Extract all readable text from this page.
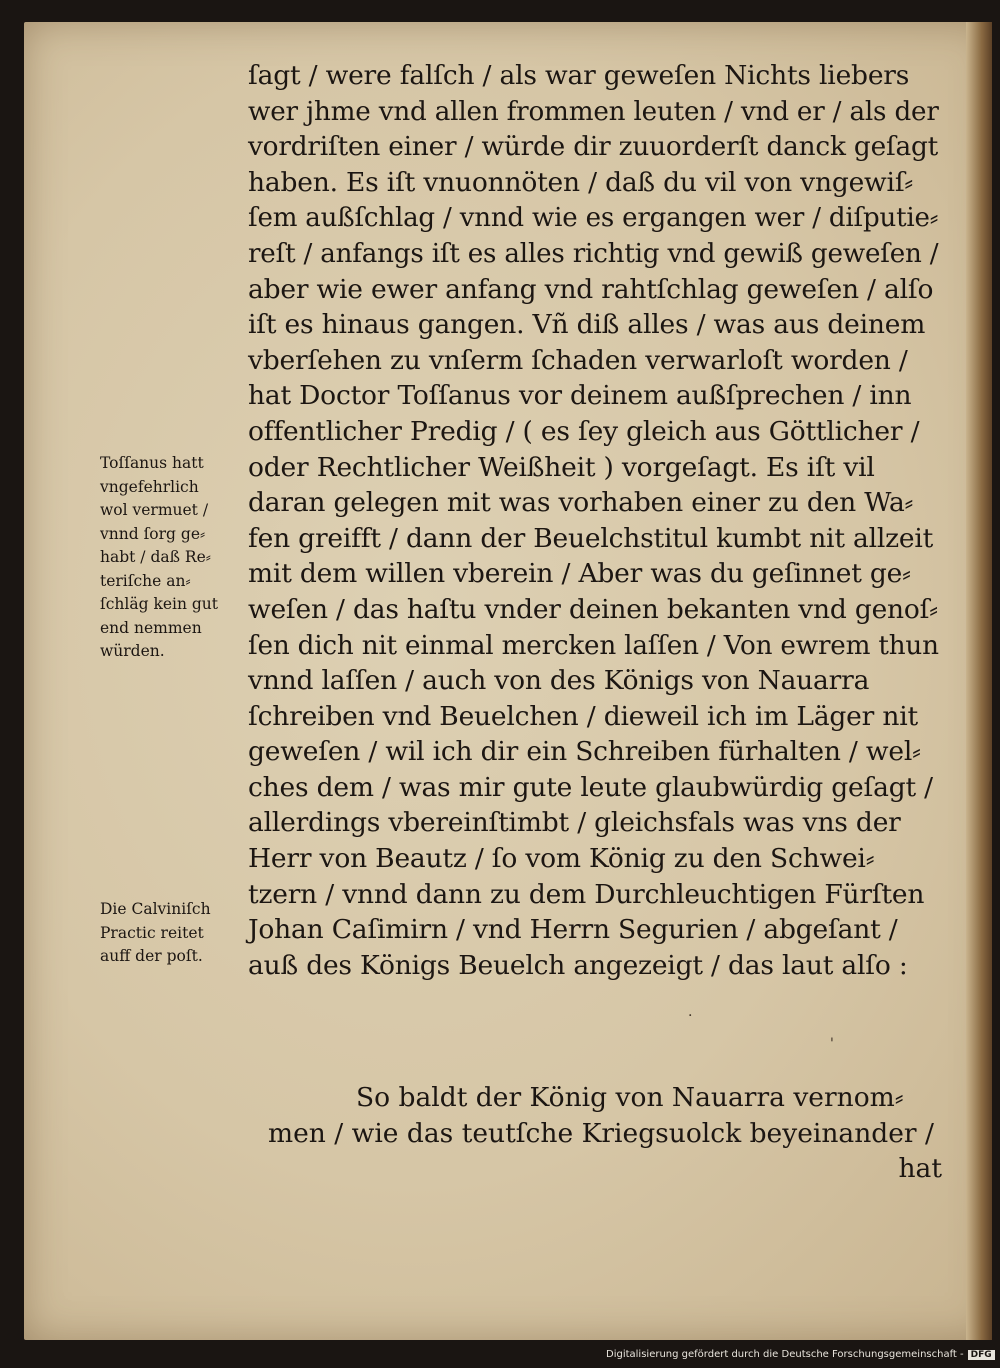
ſagt / were falſch / als war geweſen Nichts liebers
wer jhme vnd allen frommen leuten / vnd er / als der
vordriſten einer / würde dir zuuorderſt danck geſagt
haben. Es iſt vnuonnöten / daß du vil von vngewiſ⸗
ſem außſchlag / vnnd wie es ergangen wer / diſputie⸗
reſt / anfangs iſt es alles richtig vnd gewiß geweſen /
aber wie ewer anfang vnd rahtſchlag geweſen / alſo
iſt es hinaus gangen. Vñ diß alles / was aus deinem
vberſehen zu vnſerm ſchaden verwarloſt worden /
hat Doctor Toſſanus vor deinem außſprechen / inn
offentlicher Predig / ( es ſey gleich aus Göttlicher /
oder Rechtlicher Weißheit ) vorgeſagt. Es iſt vil
daran gelegen mit was vorhaben einer zu den Wa⸗
fen greifft / dann der Beuelchstitul kumbt nit allzeit
mit dem willen vberein / Aber was du geſinnet ge⸗
weſen / das haſtu vnder deinen bekanten vnd genoſ⸗
ſen dich nit einmal mercken laſſen / Von ewrem thun
vnnd laſſen / auch von des Königs von Nauarra
ſchreiben vnd Beuelchen / dieweil ich im Läger nit
geweſen / wil ich dir ein Schreiben fürhalten / wel⸗
ches dem / was mir gute leute glaubwürdig geſagt /
allerdings vbereinſtimbt / gleichsfals was vns der
Herr von Beautz / ſo vom König zu den Schwei⸗
tzern / vnnd dann zu dem Durchleuchtigen Fürſten
Johan Caſimirn / vnd Herrn Segurien / abgeſant /
auß des Königs Beuelch angezeigt / das laut alſo :
Toſſanus hatt
vngefehrlich
wol vermuet /
vnnd ſorg ge⸗
habt / daß Re⸗
teriſche an⸗
ſchläg kein gut
end nemmen
würden.
Die Calviniſch
Practic reitet
auff der poſt.
.
'
So baldt der König von Nauarra vernom⸗
men / wie das teutſche Kriegsuolck beyeinander /
hat
Digitalisierung gefördert durch die Deutsche Forschungsgemeinschaft - DFG
